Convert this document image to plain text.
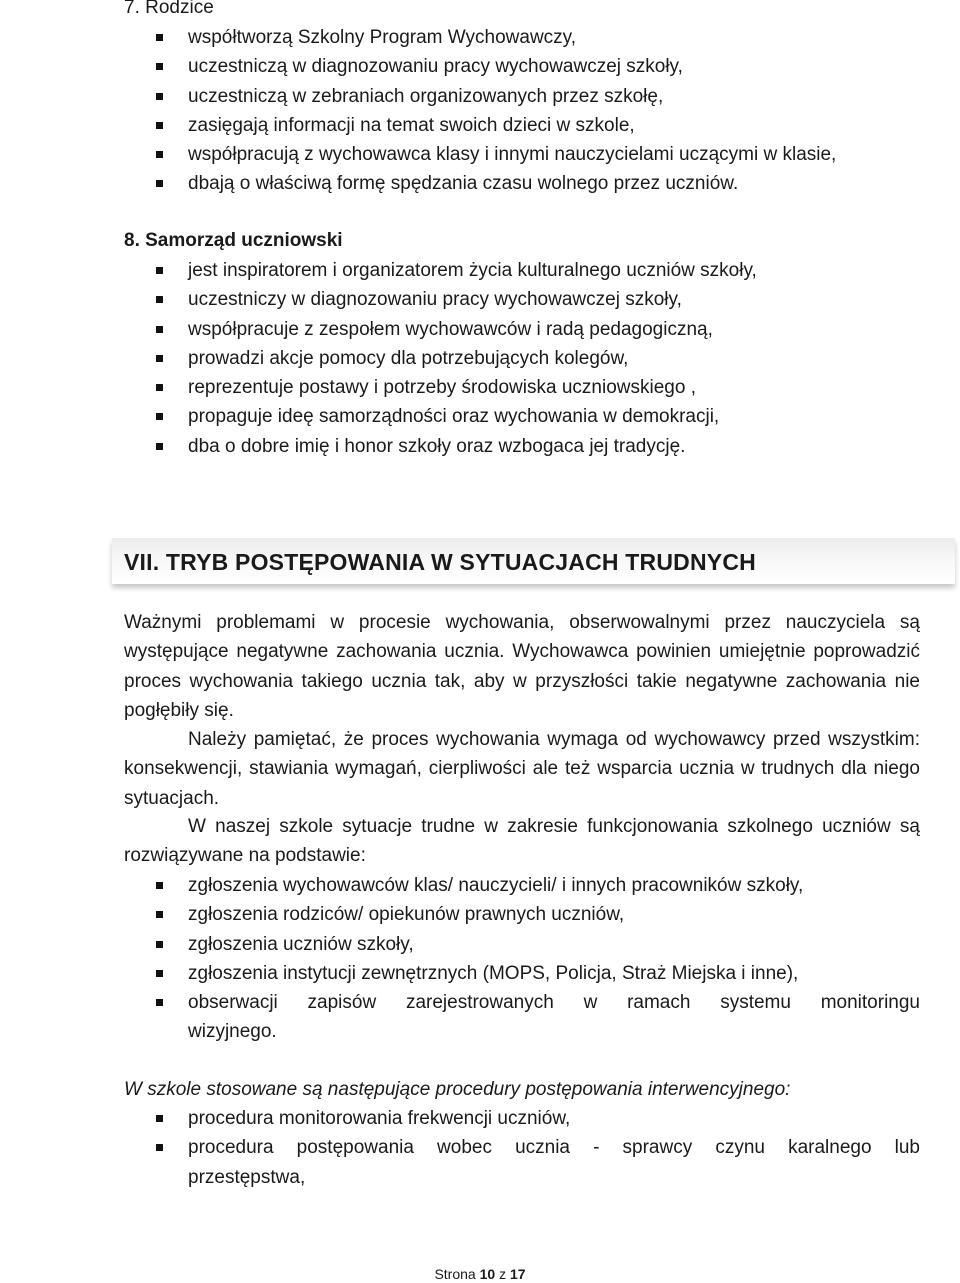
7. Rodzice
współtworzą Szkolny Program Wychowawczy,
uczestniczą w diagnozowaniu pracy wychowawczej szkoły,
uczestniczą w zebraniach organizowanych przez szkołę,
zasięgają informacji na temat swoich dzieci w szkole,
współpracują z wychowawca klasy i innymi nauczycielami uczącymi w klasie,
dbają o właściwą formę spędzania czasu wolnego przez uczniów.
8. Samorząd uczniowski
jest inspiratorem i organizatorem życia kulturalnego uczniów szkoły,
uczestniczy w diagnozowaniu pracy wychowawczej szkoły,
współpracuje z zespołem wychowawców i radą pedagogiczną,
prowadzi akcje pomocy dla potrzebujących kolegów,
reprezentuje postawy i potrzeby środowiska uczniowskiego ,
propaguje ideę samorządności oraz wychowania w demokracji,
dba o dobre imię i honor szkoły oraz wzbogaca jej tradycję.
VII. TRYB POSTĘPOWANIA W SYTUACJACH TRUDNYCH

Ważnymi problemami w procesie wychowania, obserwowalnymi przez nauczyciela są występujące negatywne zachowania ucznia. Wychowawca powinien umiejętnie poprowadzić proces wychowania takiego ucznia tak, aby w przyszłości takie negatywne zachowania nie pogłębiły się.

Należy pamiętać, że proces wychowania wymaga od wychowawcy przed wszystkim: konsekwencji, stawiania wymagań, cierpliwości ale też wsparcia ucznia w trudnych dla niego sytuacjach.

W naszej szkole sytuacje trudne w zakresie funkcjonowania szkolnego uczniów są rozwiązywane na podstawie:

zgłoszenia wychowawców klas/ nauczycieli/ i innych pracowników szkoły,
zgłoszenia rodziców/ opiekunów prawnych uczniów,
zgłoszenia uczniów szkoły,
zgłoszenia instytucji zewnętrznych (MOPS, Policja, Straż Miejska i inne),
obserwacji zapisów zarejestrowanych w ramach systemu monitoringu
wizyjnego.

W szkole stosowane są następujące procedury postępowania interwencyjnego:

procedura monitorowania frekwencji uczniów,
procedura postępowania wobec ucznia - sprawcy czynu karalnego lub
przestępstwa,
Strona 10 z 17
